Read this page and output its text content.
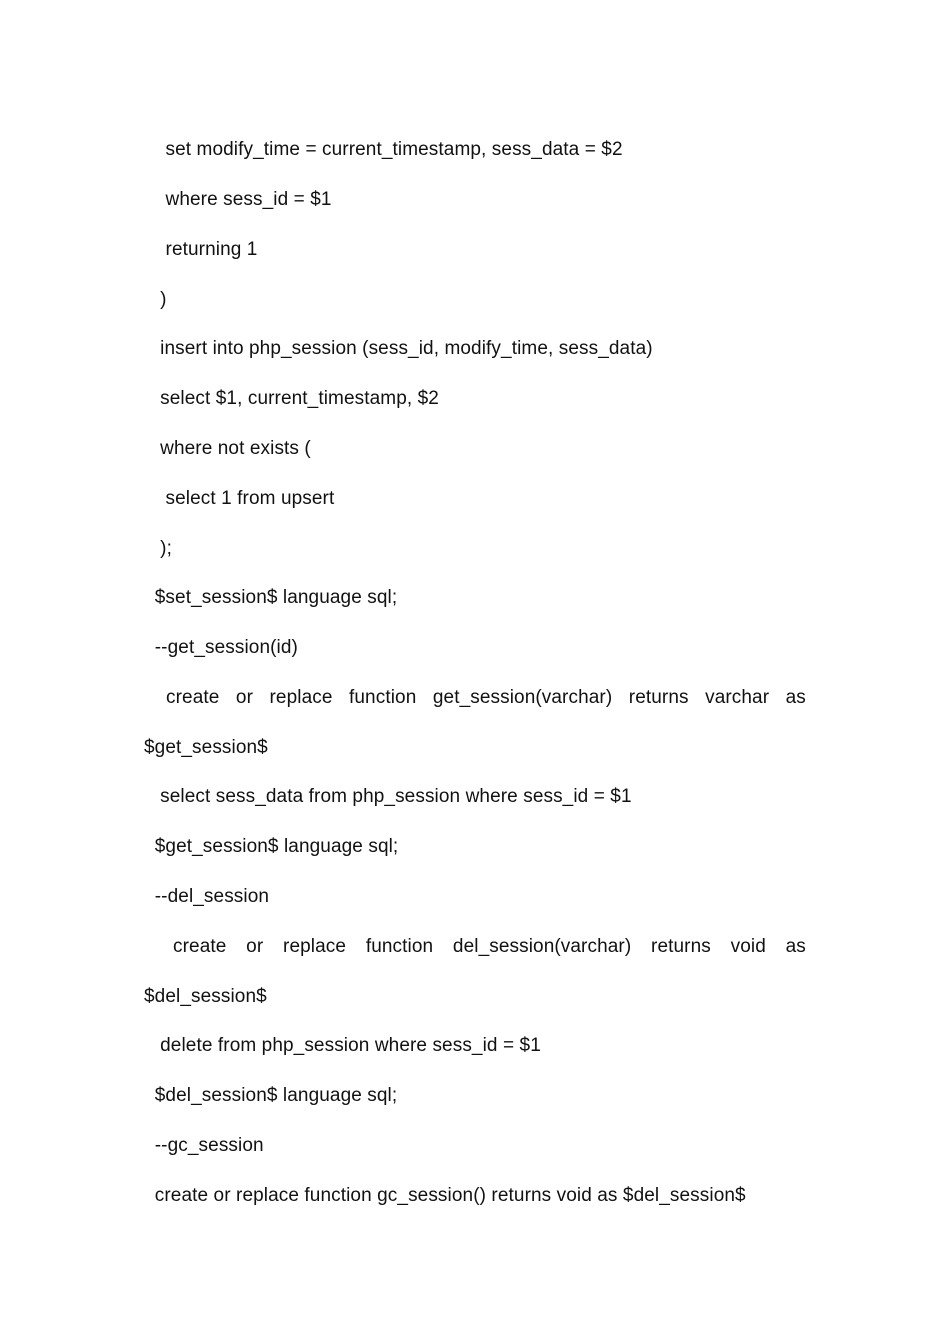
set modify_time = current_timestamp, sess_data = $2
where sess_id = $1
returning 1
)
insert into php_session (sess_id, modify_time, sess_data)
select $1, current_timestamp, $2
where not exists (
select 1 from upsert
);
$set_session$ language sql;
--get_session(id)
create or replace function get_session(varchar) returns varchar as
$get_session$
select sess_data from php_session where sess_id = $1
$get_session$ language sql;
--del_session
create or replace function del_session(varchar) returns void as
$del_session$
delete from php_session where sess_id = $1
$del_session$ language sql;
--gc_session
create or replace function gc_session() returns void as $del_session$
